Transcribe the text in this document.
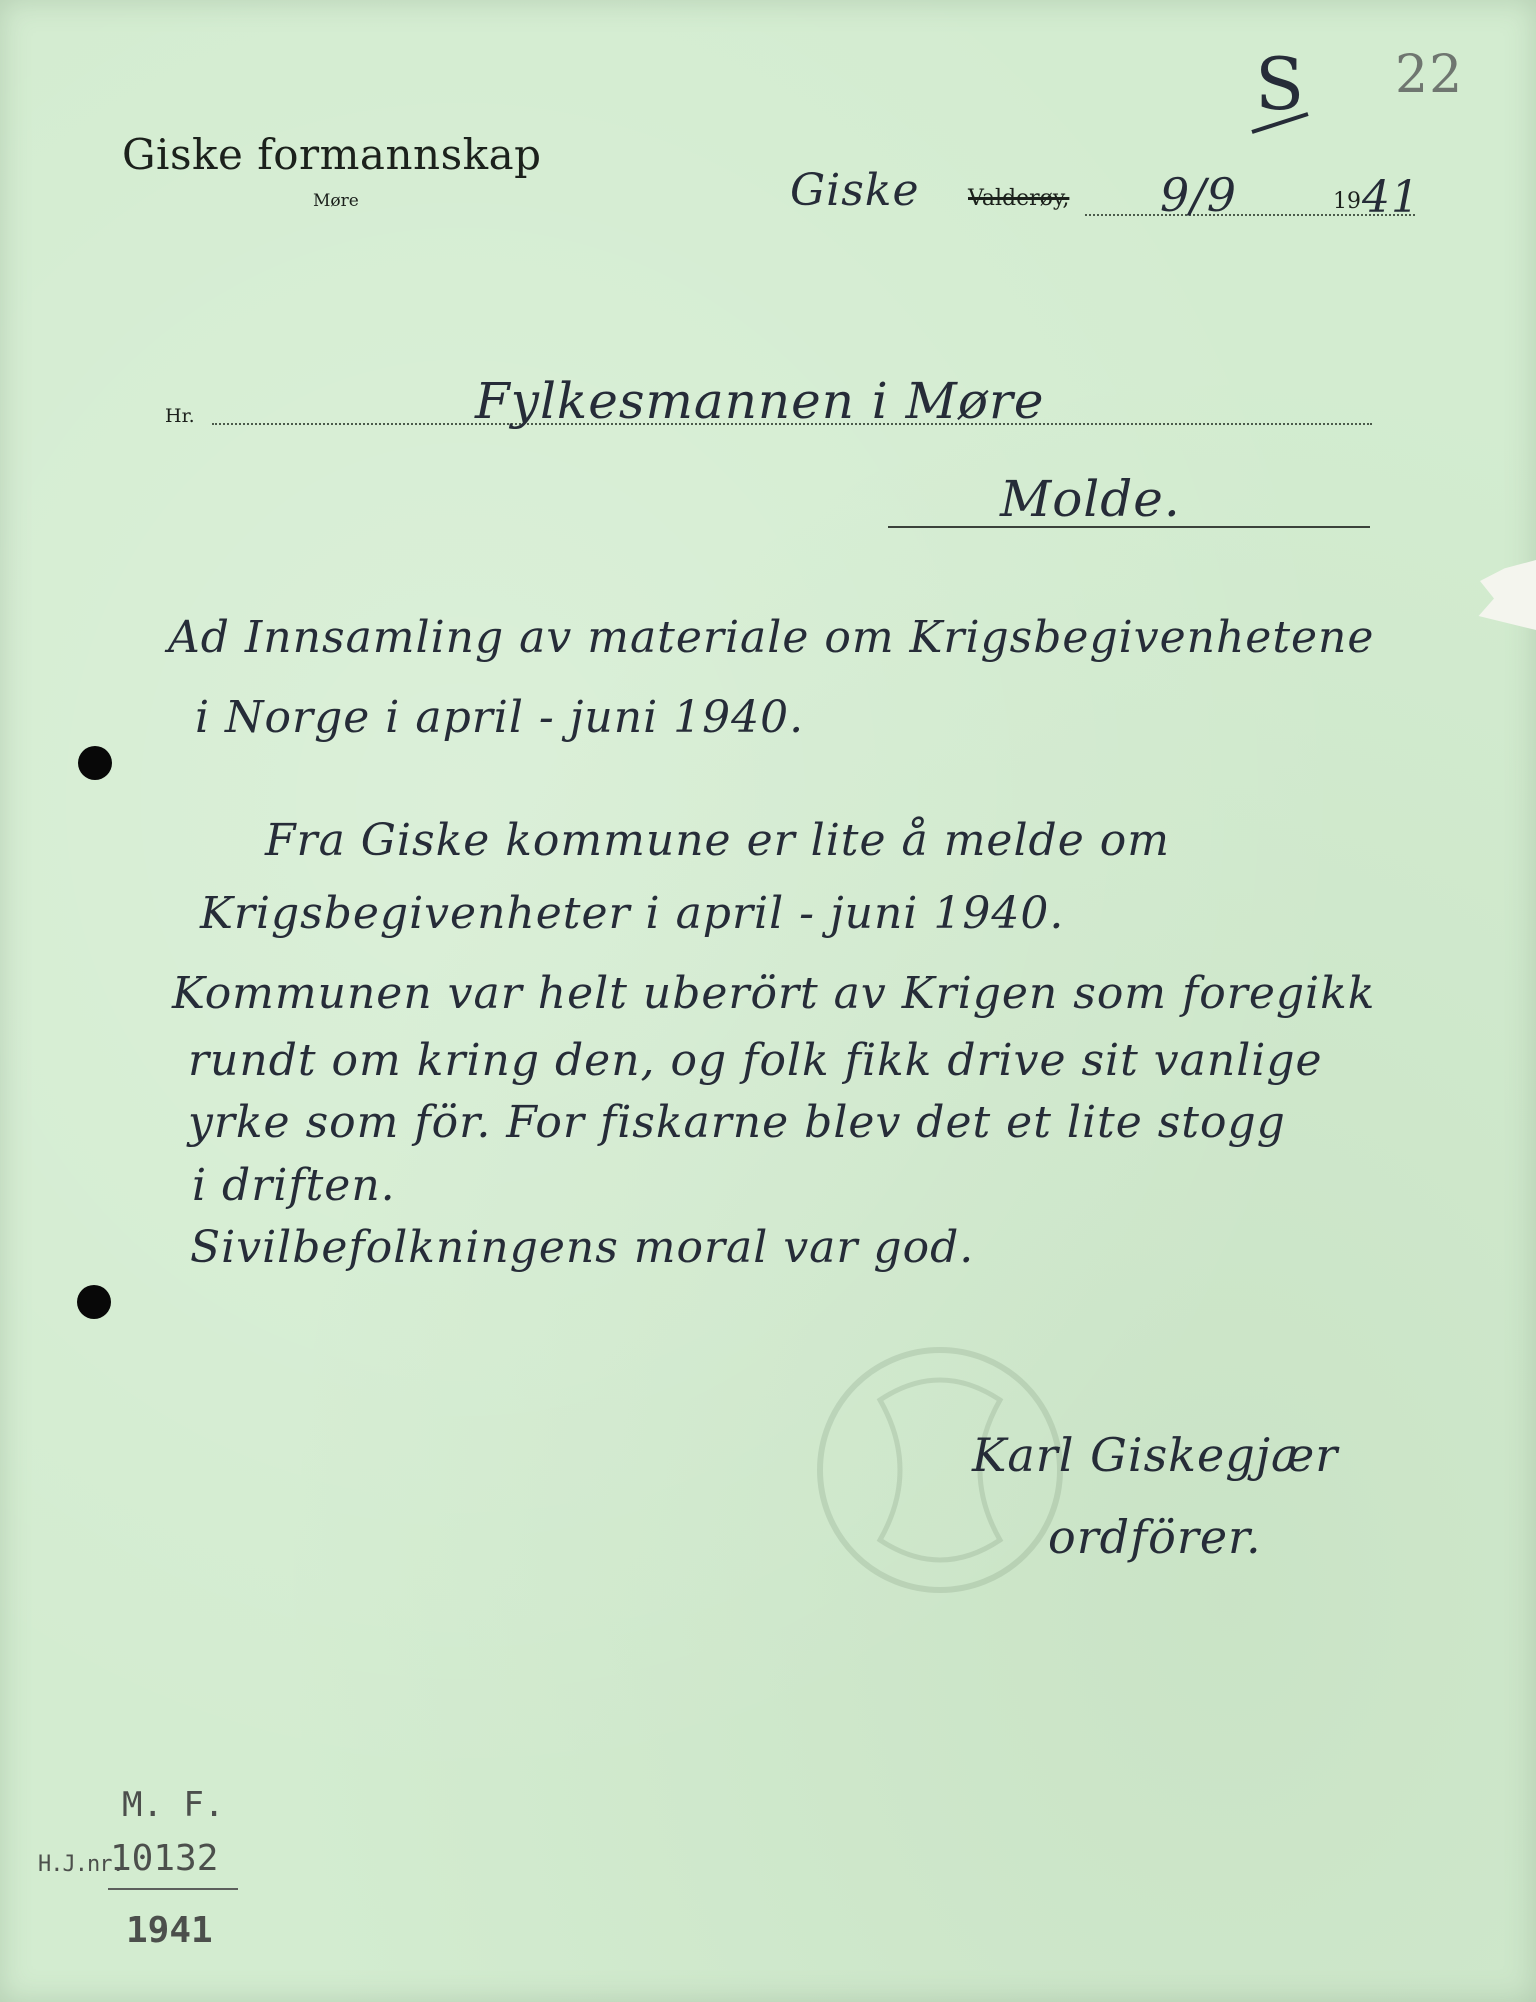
S 22
Giske formannskap
Møre	Giske Valderøy, 9/9	19 41
Hr.	Fylkesmannen i Møre
Molde.
Ad Innsamling av materiale om Krigsbegivenhetene
i Norge i april - juni 1940.
Fra Giske kommune er lite å melde om
Krigsbegivenheter i april - juni 1940.
Kommunen var helt uberört av Krigen som foregikk
rundt om kring den, og folk fikk drive sit vanlige
yrke som för. For fiskarne blev det et lite stogg
i driften.
Sivilbefolkningens moral var god.
Karl Giskegjær
ordförer.
M. F.
H.J.nr.
10132
1941
